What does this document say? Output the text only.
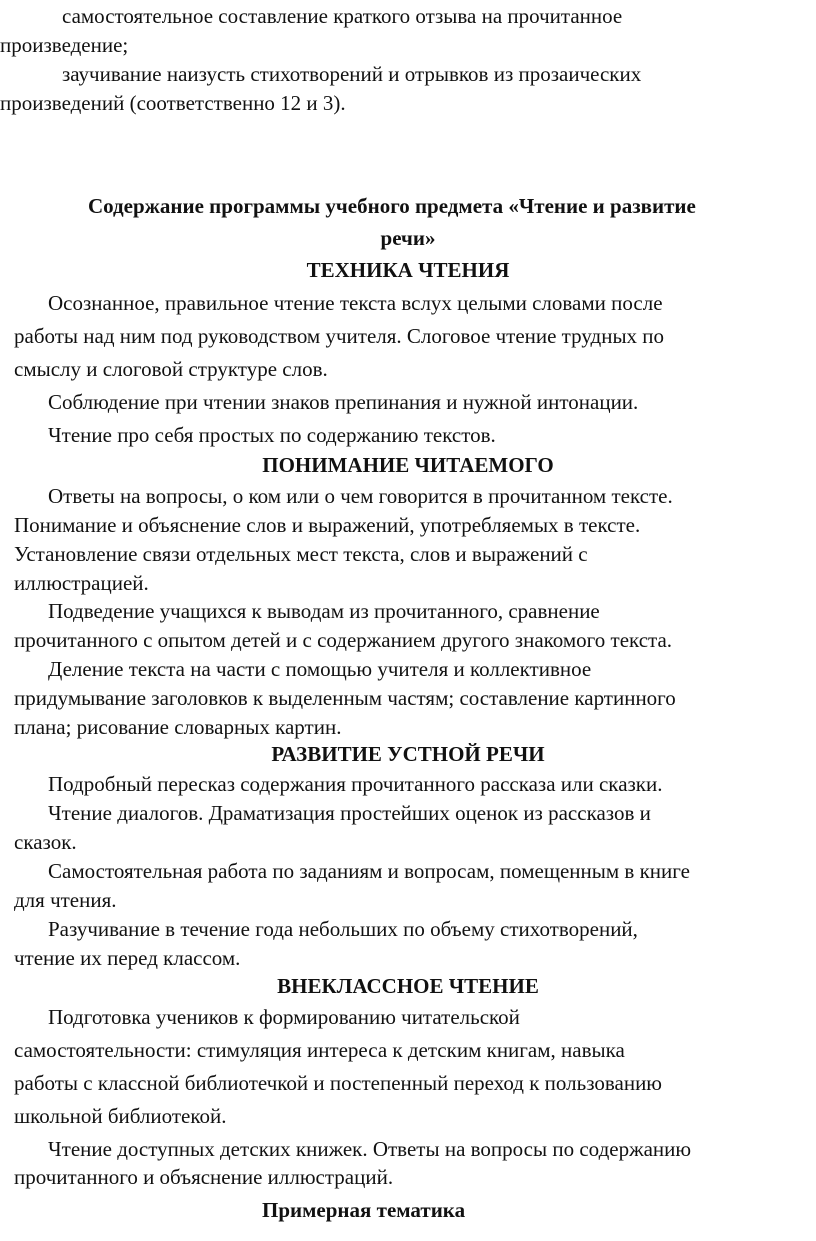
самостоятельное составление краткого отзыва на прочитанное
произведение;
заучивание наизусть стихотворений и отрывков из прозаических
произведений (соответственно 12 и 3).
Содержание программы учебного предмета «Чтение и развитие
речи»
ТЕХНИКА ЧТЕНИЯ
Осознанное, правильное чтение текста вслух целыми словами после
работы над ним под руководством учителя. Слоговое чтение трудных по
смыслу и слоговой структуре слов.
Соблюдение при чтении знаков препинания и нужной интонации.
Чтение про себя простых по содержанию текстов.
ПОНИМАНИЕ ЧИТАЕМОГО
Ответы на вопросы, о ком или о чем говорится в прочитанном тексте.
Понимание и объяснение слов и выражений, употребляемых в тексте.
Установление связи отдельных мест текста, слов и выражений с
иллюстрацией.
Подведение учащихся к выводам из прочитанного, сравнение
прочитанного с опытом детей и с содержанием другого знакомого текста.
Деление текста на части с помощью учителя и коллективное
придумывание заголовков к выделенным частям; составление картинного
плана; рисование словарных картин.
РАЗВИТИЕ УСТНОЙ РЕЧИ
Подробный пересказ содержания прочитанного рассказа или сказки.
Чтение диалогов. Драматизация простейших оценок из рассказов и
сказок.
Самостоятельная работа по заданиям и вопросам, помещенным в книге
для чтения.
Разучивание в течение года небольших по объему стихотворений,
чтение их перед классом.
ВНЕКЛАССНОЕ ЧТЕНИЕ
Подготовка учеников к формированию читательской
самостоятельности: стимуляция интереса к детским книгам, навыка
работы с классной библиотечкой и постепенный переход к пользованию
школьной библиотекой.
Чтение доступных детских книжек. Ответы на вопросы по содержанию
прочитанного и объяснение иллюстраций.
Примерная тематика
